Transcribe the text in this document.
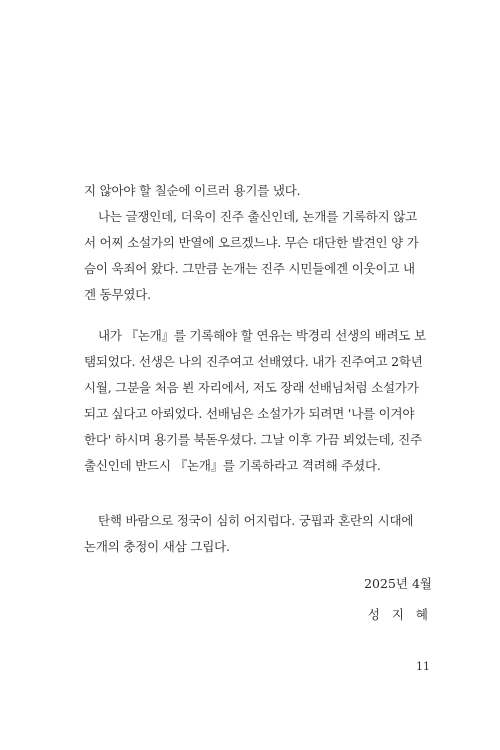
지 않아야 할 칠순에 이르러 용기를 냈다.
나는 글쟁인데, 더욱이 진주 출신인데, 논개를 기록하지 않고
서 어찌 소설가의 반열에 오르겠느냐. 무슨 대단한 발견인 양 가
슴이 욱죄어 왔다. 그만큼 논개는 진주 시민들에겐 이웃이고 내
겐 동무였다.
내가 『논개』를 기록해야 할 연유는 박경리 선생의 배려도 보
탬되었다. 선생은 나의 진주여고 선배였다. 내가 진주여고 2학년
시월, 그분을 처음 뵌 자리에서, 저도 장래 선배님처럼 소설가가
되고 싶다고 아뢰었다. 선배님은 소설가가 되려면 '나를 이겨야
한다' 하시며 용기를 북돋우셨다. 그날 이후 가끔 뵈었는데, 진주
출신인데 반드시 『논개』를 기록하라고 격려해 주셨다.
탄핵 바람으로 정국이 심히 어지럽다. 궁핍과 혼란의 시대에
논개의 충정이 새삼 그립다.
2025년 4월
성 지 혜
11
